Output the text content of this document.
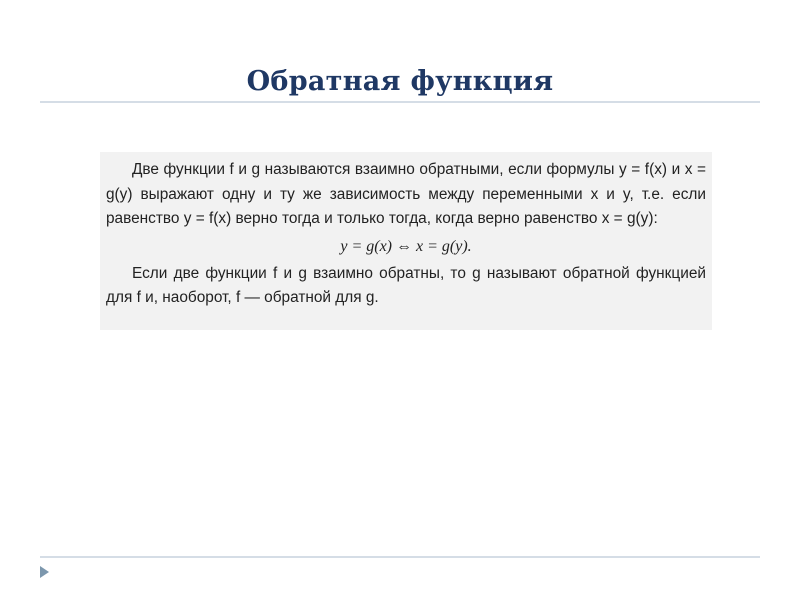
Обратная функция

Две функции f и g называются взаимно обратными, если формулы y = f(x) и x = g(y) выражают одну и ту же зависимость между переменными x и y, т.е. если равенство y = f(x) верно тогда и только тогда, когда верно равенство x = g(y):

y = g(x) ⇔ x = g(y).

Если две функции f и g взаимно обратны, то g называют обратной функцией для f и, наоборот, f — обратной для g.
